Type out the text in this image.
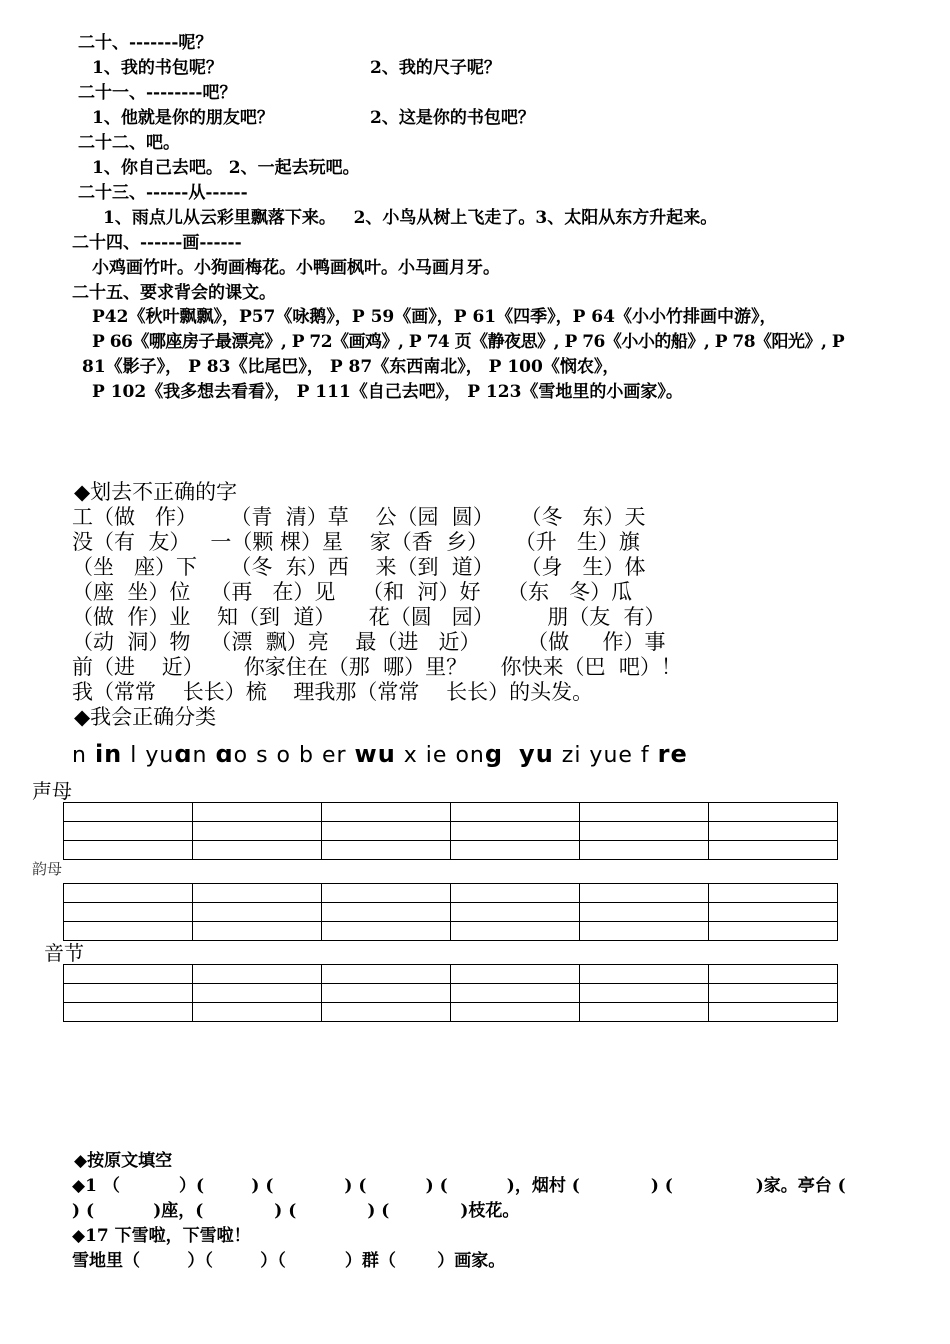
二十、-------呢？
1、我的书包呢？	2、我的尺子呢？
二十一、--------吧？
1、他就是你的朋友吧？	2、这是你的书包吧？
二十二、吧。
1、你自己去吧。 2、一起去玩吧。
二十三、------从------
1、雨点儿从云彩里飘落下来。   2、小鸟从树上飞走了。3、太阳从东方升起来。
二十四、------画------
小鸡画竹叶。小狗画梅花。小鸭画枫叶。小马画月牙。
二十五、要求背会的课文。
P42《秋叶飘飘》，P57《咏鹅》，P 59《画》，P 61《四季》，P 64《小小竹排画中游》，
P 66《哪座房子最漂亮》, P 72《画鸡》, P 74 页《静夜思》, P 76《小小的船》, P 78《阳光》, P
81《影子》， P 83《比尾巴》， P 87《东西南北》， P 100《悯农》，
P 102《我多想去看看》， P 111《自己去吧》， P 123《雪地里的小画家》。
◆划去不正确的字
工（做   作）     （青  清）草    公（园  圆）    （冬   东）天
没（有  友）   一（颗 棵）星    家（香  乡）    （升   生）旗
（坐   座）下     （冬  东）西    来（到  道）    （身   生）体
（座  坐）位   （再   在）见    （和  河）好    （东   冬）瓜
（做  作）业    知（到  道）     花（圆   园）        朋（友  有）
（动  洞）物   （漂  飘）亮    最（进   近）       （做     作）事
前（进    近）      你家住在（那  哪）里？     你快来（巴  吧）！
我（常常    长长）梳    理我那（常常    长长）的头发。
◆我会正确分类
n in l yuɑn ɑo s o b er wu x ie ong yu zi yue f re
声母

韵母

音节

◆按原文填空
◆1 （          ）(        ) (            ) (          ) (          )，烟村 (            ) (              )家。亭台 (
) (          )座，(            ) (            ) (            )枝花。
◆17 下雪啦，下雪啦！
雪地里（        ）（        ）（          ）群（       ）画家。
